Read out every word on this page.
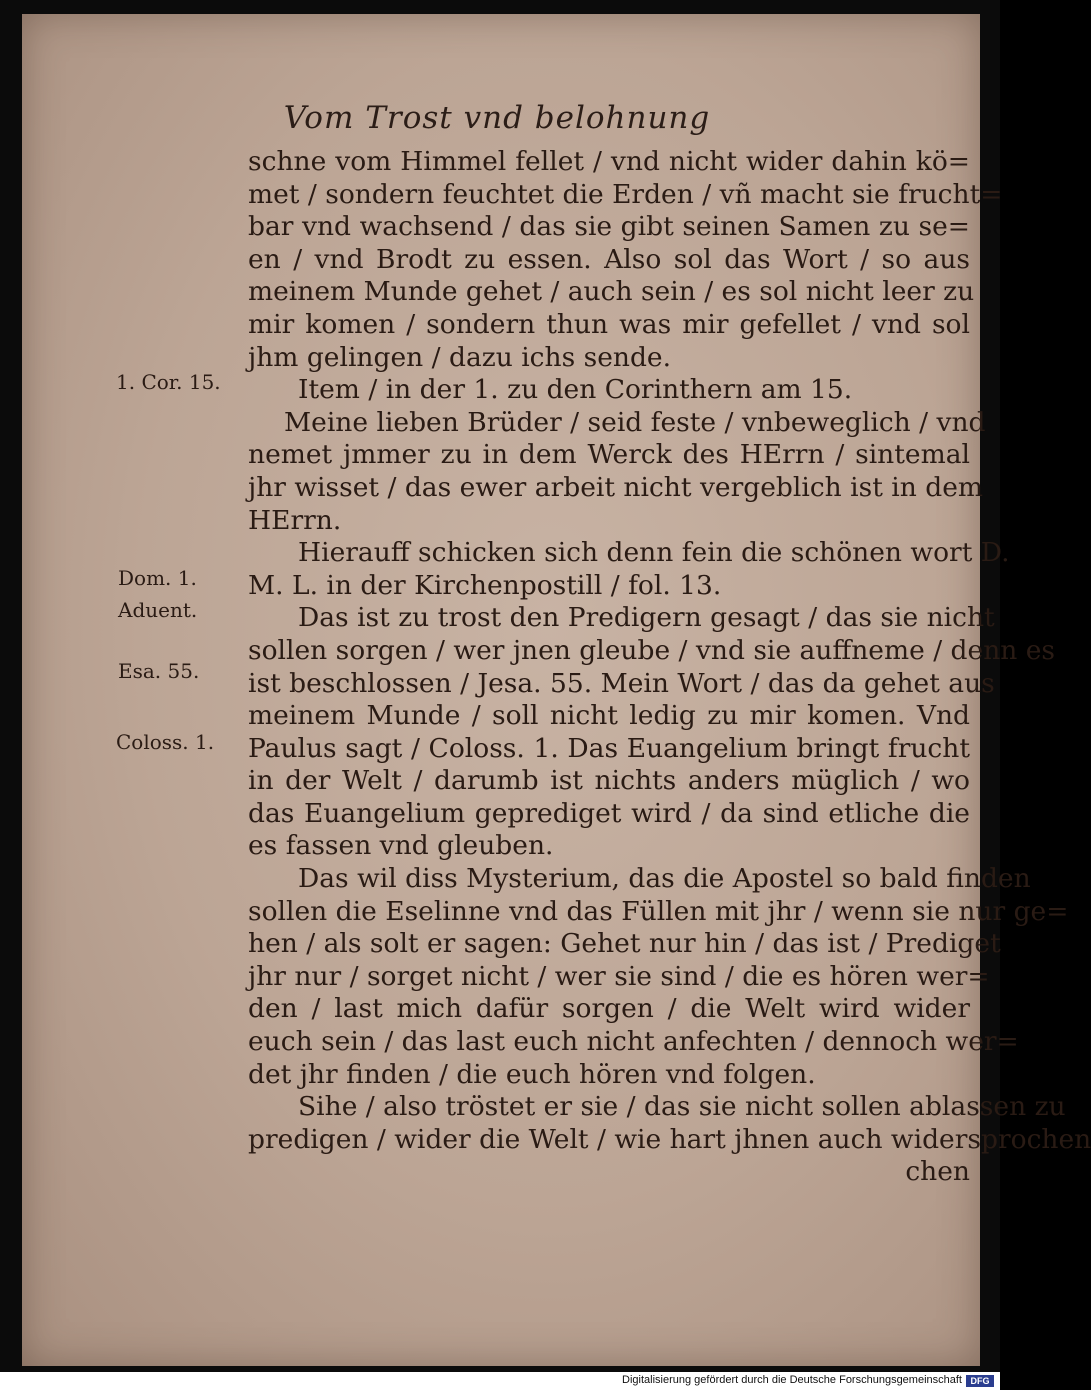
Vom Trost vnd belohnung
schne vom Himmel fellet / vnd nicht wider dahin kö=
met / sondern feuchtet die Erden / vñ macht sie frucht=
bar vnd wachsend / das sie gibt seinen Samen zu se=
en / vnd Brodt zu essen. Also sol das Wort / so aus
meinem Munde gehet / auch sein / es sol nicht leer zu
mir komen / sondern thun was mir gefellet / vnd sol
jhm gelingen / dazu ichs sende.
Item / in der 1. zu den Corinthern am 15.
Meine lieben Brüder / seid feste / vnbeweglich / vnd
nemet jmmer zu in dem Werck des HErrn / sintemal
jhr wisset / das ewer arbeit nicht vergeblich ist in dem
HErrn.
Hierauff schicken sich denn fein die schönen wort D.
M. L. in der Kirchenpostill / fol. 13.
Das ist zu trost den Predigern gesagt / das sie nicht
sollen sorgen / wer jnen gleube / vnd sie auffneme / denn es
ist beschlossen / Jesa. 55. Mein Wort / das da gehet aus
meinem Munde / soll nicht ledig zu mir komen. Vnd
Paulus sagt / Coloss. 1. Das Euangelium bringt frucht
in der Welt / darumb ist nichts anders müglich / wo
das Euangelium geprediget wird / da sind etliche die
es fassen vnd gleuben.
Das wil diss Mysterium, das die Apostel so bald finden
sollen die Eselinne vnd das Füllen mit jhr / wenn sie nur ge=
hen / als solt er sagen: Gehet nur hin / das ist / Prediget
jhr nur / sorget nicht / wer sie sind / die es hören wer=
den / last mich dafür sorgen / die Welt wird wider
euch sein / das last euch nicht anfechten / dennoch wer=
det jhr finden / die euch hören vnd folgen.
Sihe / also tröstet er sie / das sie nicht sollen ablassen zu
predigen / wider die Welt / wie hart jhnen auch widersprochen
chen
1. Cor. 15.
Dom. 1.
Aduent.
Esa. 55.
Coloss. 1.
Digitalisierung gefördert durch die Deutsche Forschungsgemeinschaft DFG
